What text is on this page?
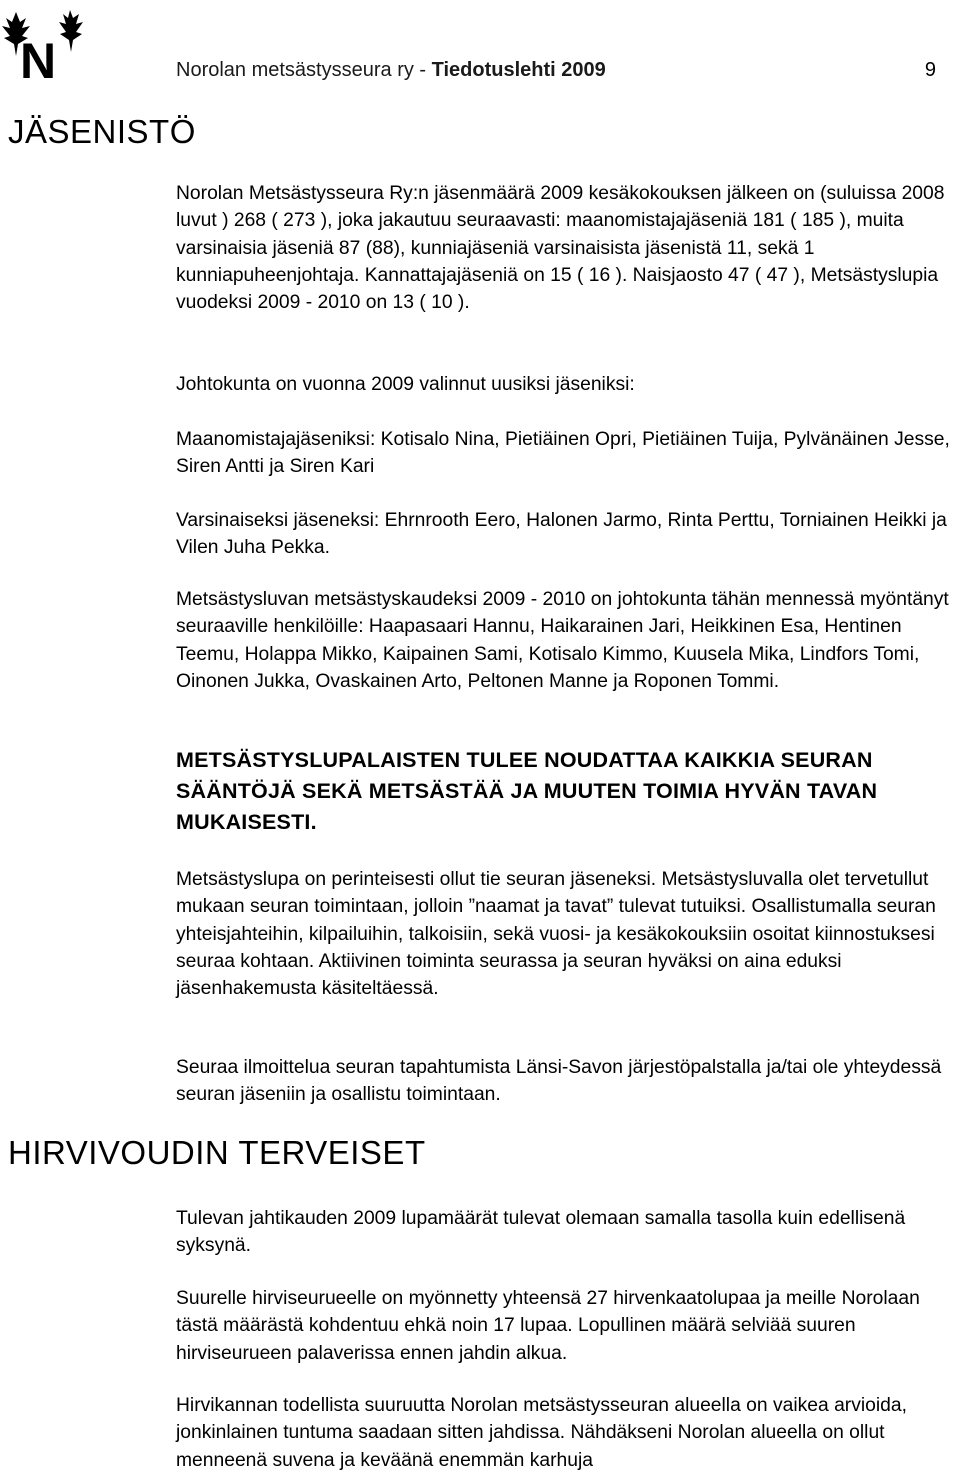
N	Norolan metsästysseura ry - Tiedotuslehti 2009	9
JÄSENISTÖ

Norolan Metsästysseura Ry:n jäsenmäärä 2009 kesäkokouksen jälkeen on (suluissa 2008 luvut ) 268 ( 273 ), joka jakautuu seuraavasti: maanomistajajäseniä 181 ( 185 ), muita varsinaisia jäseniä 87 (88), kunniajäseniä varsinaisista jäsenistä 11, sekä 1 kunniapuheenjohtaja. Kannattajajäseniä on 15 ( 16 ). Naisjaosto 47 ( 47 ), Metsästyslupia vuodeksi 2009 - 2010 on 13 ( 10 ).

Johtokunta on vuonna 2009 valinnut uusiksi jäseniksi:

Maanomistajajäseniksi: Kotisalo Nina, Pietiäinen Opri, Pietiäinen Tuija, Pylvänäinen Jesse, Siren Antti ja Siren Kari

Varsinaiseksi jäseneksi: Ehrnrooth Eero, Halonen Jarmo, Rinta Perttu, Torniainen Heikki ja Vilen Juha Pekka.

Metsästysluvan metsästyskaudeksi 2009 - 2010 on johtokunta tähän mennessä myöntänyt seuraaville henkilöille: Haapasaari Hannu, Haikarainen Jari, Heikkinen Esa, Hentinen Teemu, Holappa Mikko, Kaipainen Sami, Kotisalo Kimmo, Kuusela Mika, Lindfors Tomi, Oinonen Jukka, Ovaskainen Arto, Peltonen Manne ja Roponen Tommi.

METSÄSTYSLUPALAISTEN TULEE NOUDATTAA KAIKKIA SEURAN SÄÄNTÖJÄ SEKÄ METSÄSTÄÄ JA MUUTEN TOIMIA HYVÄN TAVAN MUKAISESTI.

Metsästyslupa on perinteisesti ollut tie seuran jäseneksi. Metsästysluvalla olet tervetullut mukaan seuran toimintaan, jolloin ”naamat ja tavat” tulevat tutuiksi. Osallistumalla seuran yhteisjahteihin, kilpailuihin, talkoisiin, sekä vuosi- ja kesäkokouksiin osoitat kiinnostuksesi seuraa kohtaan. Aktiivinen toiminta seurassa ja seuran hyväksi on aina eduksi jäsenhakemusta käsiteltäessä.

Seuraa ilmoittelua seuran tapahtumista Länsi-Savon järjestöpalstalla ja/tai ole yhteydessä seuran jäseniin ja osallistu toimintaan.

HIRVIVOUDIN TERVEISET

Tulevan jahtikauden 2009 lupamäärät tulevat olemaan samalla tasolla kuin edellisenä syksynä.

Suurelle hirviseurueelle on myönnetty yhteensä 27 hirvenkaatolupaa ja meille Norolaan tästä määrästä kohdentuu ehkä noin 17 lupaa. Lopullinen määrä selviää suuren hirviseurueen palaverissa ennen jahdin alkua.

Hirvikannan todellista suuruutta Norolan metsästysseuran alueella on vaikea arvioida, jonkinlainen tuntuma saadaan sitten jahdissa. Nähdäkseni Norolan alueella on ollut menneenä suvena ja keväänä enemmän karhuja
